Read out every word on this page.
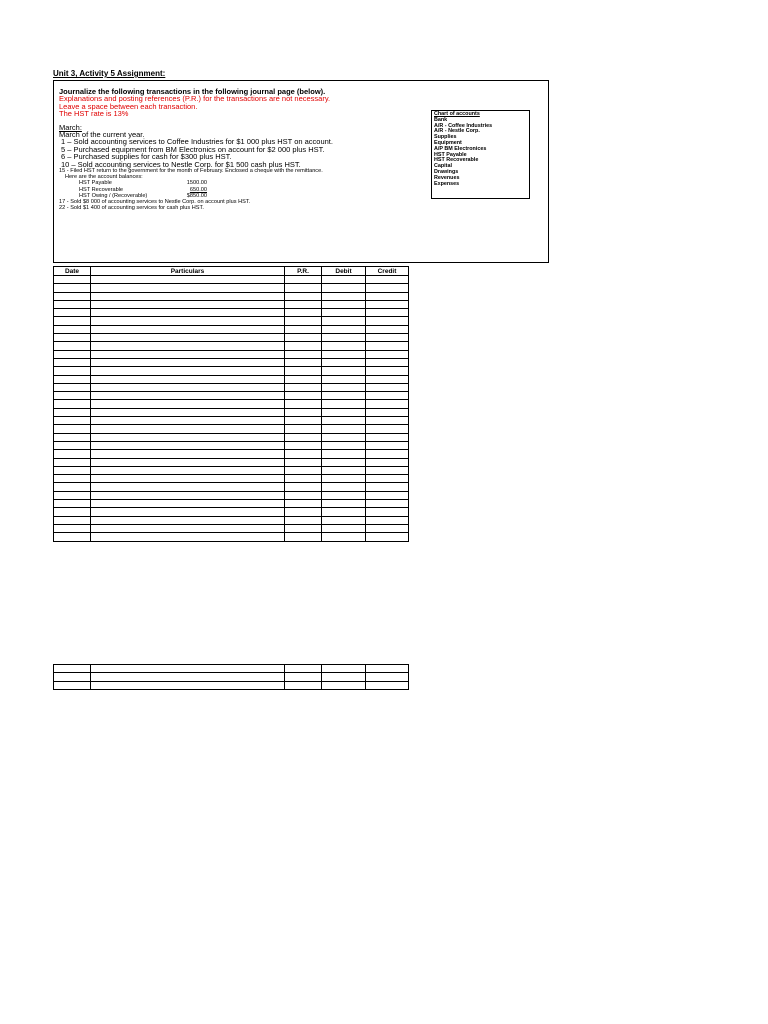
Unit 3, Activity 5 Assignment:
Journalize the following transactions in the following journal page (below).
Explanations and posting references (P.R.) for the transactions are not necessary.
Leave a space between each transaction.
The HST rate is 13%
March:
March of the current year.
1 – Sold accounting services to Coffee Industries for $1 000 plus HST on account.
5 – Purchased equipment from BM Electronics on account for $2 000 plus HST.
6 – Purchased supplies for cash for $300 plus HST.
10 – Sold accounting services to Nestle Corp. for $1 500 cash plus HST.
15 - Filed HST return to the government for the month of February. Enclosed a cheque with the remittance.
Here are the account balances:
HST Payable	1500.00
HST Recoverable	650.00
HST Owing / (Recoverable)	$850.00
17 - Sold $8 000 of accounting services to Nestle Corp. on account plus HST.
22 - Sold $1 400 of accounting services for cash plus HST.
Chart of accounts
Bank
A/R - Coffee Industries
A/R - Nestle Corp.
Supplies
Equipment
A/P BM Electronices
HST Payable
HST Recoverable
Capital
Drawings
Revenues
Expenses
Date	Particulars	P.R.	Debit	Credit
